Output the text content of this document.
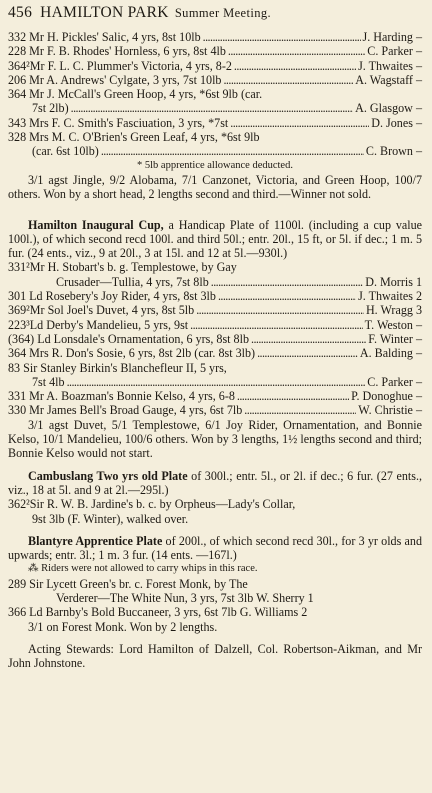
456 HAMILTON PARK Summer Meeting.
332 Mr H. Pickles' Salic, 4 yrs, 8st 10lb . . .	J. Harding –
228 Mr F. B. Rhodes' Hornless, 6 yrs, 8st 4lb . . .	C. Parker –
364²Mr F. L. C. Plummer's Victoria, 4 yrs, 8-2 . . .	J. Thwaites –
206 Mr A. Andrews' Cylgate, 3 yrs, 7st 10lb . . .	A. Wagstaff –
364 Mr J. McCall's Green Hoop, 4 yrs, *6st 9lb (car.
7st 2lb) . . .	A. Glasgow –
343 Mrs F. C. Smith's Fasciuation, 3 yrs, *7st . . .	D. Jones –
328 Mrs M. C. O'Brien's Green Leaf, 4 yrs, *6st 9lb
(car. 6st 10lb) . . .	C. Brown –
* 5lb apprentice allowance deducted.
3/1 agst Jingle, 9/2 Alobama, 7/1 Canzonet, Victoria, and Green Hoop, 100/7 others. Won by a short head, 2 lengths second and third.—Winner not sold.
Hamilton Inaugural Cup, a Handicap Plate of 1100l. (including a cup value 100l.), of which second recd 100l. and third 50l.; entr. 20l., 15 ft, or 5l. if dec.; 1 m. 5 fur. (24 ents., viz., 9 at 20l., 3 at 15l. and 12 at 5l.—930l.)
331²Mr H. Stobart's b. g. Templestowe, by Gay
Crusader—Tullia, 4 yrs, 7st 8lb . . .	D. Morris 1
301 Ld Rosebery's Joy Rider, 4 yrs, 8st 3lb . . .	J. Thwaites 2
369²Mr Sol Joel's Duvet, 4 yrs, 8st 5lb . . .	H. Wragg 3
223³Ld Derby's Mandelieu, 5 yrs, 9st . . .	T. Weston –
(364) Ld Lonsdale's Ornamentation, 6 yrs, 8st 8lb . . .	F. Winter –
364 Mrs R. Don's Sosie, 6 yrs, 8st 2lb (car. 8st 3lb) . . .	A. Balding –
83 Sir Stanley Birkin's Blanchefleur II, 5 yrs,
7st 4lb . . .	C. Parker –
331 Mr A. Boazman's Bonnie Kelso, 4 yrs, 6-8 . . .	P. Donoghue –
330 Mr James Bell's Broad Gauge, 4 yrs, 6st 7lb . . .	W. Christie –
3/1 agst Duvet, 5/1 Templestowe, 6/1 Joy Rider, Ornamentation, and Bonnie Kelso, 10/1 Mandelieu, 100/6 others. Won by 3 lengths, 1½ lengths second and third; Bonnie Kelso would not start.
Cambuslang Two yrs old Plate of 300l.; entr. 5l., or 2l. if dec.; 6 fur. (27 ents., viz., 18 at 5l. and 9 at 2l.—295l.)
362²Sir R. W. B. Jardine's b. c. by Orpheus—Lady's Collar,
9st 3lb (F. Winter), walked over.
Blantyre Apprentice Plate of 200l., of which second recd 30l., for 3 yr olds and upwards; entr. 3l.; 1 m. 3 fur. (14 ents. —167l.)
⁂ Riders were not allowed to carry whips in this race.
289 Sir Lycett Green's br. c. Forest Monk, by The
Verderer—The White Nun, 3 yrs, 7st 3lb W. Sherry 1
366 Ld Barnby's Bold Buccaneer, 3 yrs, 6st 7lb G. Williams 2
3/1 on Forest Monk. Won by 2 lengths.
Acting Stewards: Lord Hamilton of Dalzell, Col. Robertson-Aikman, and Mr John Johnstone.
